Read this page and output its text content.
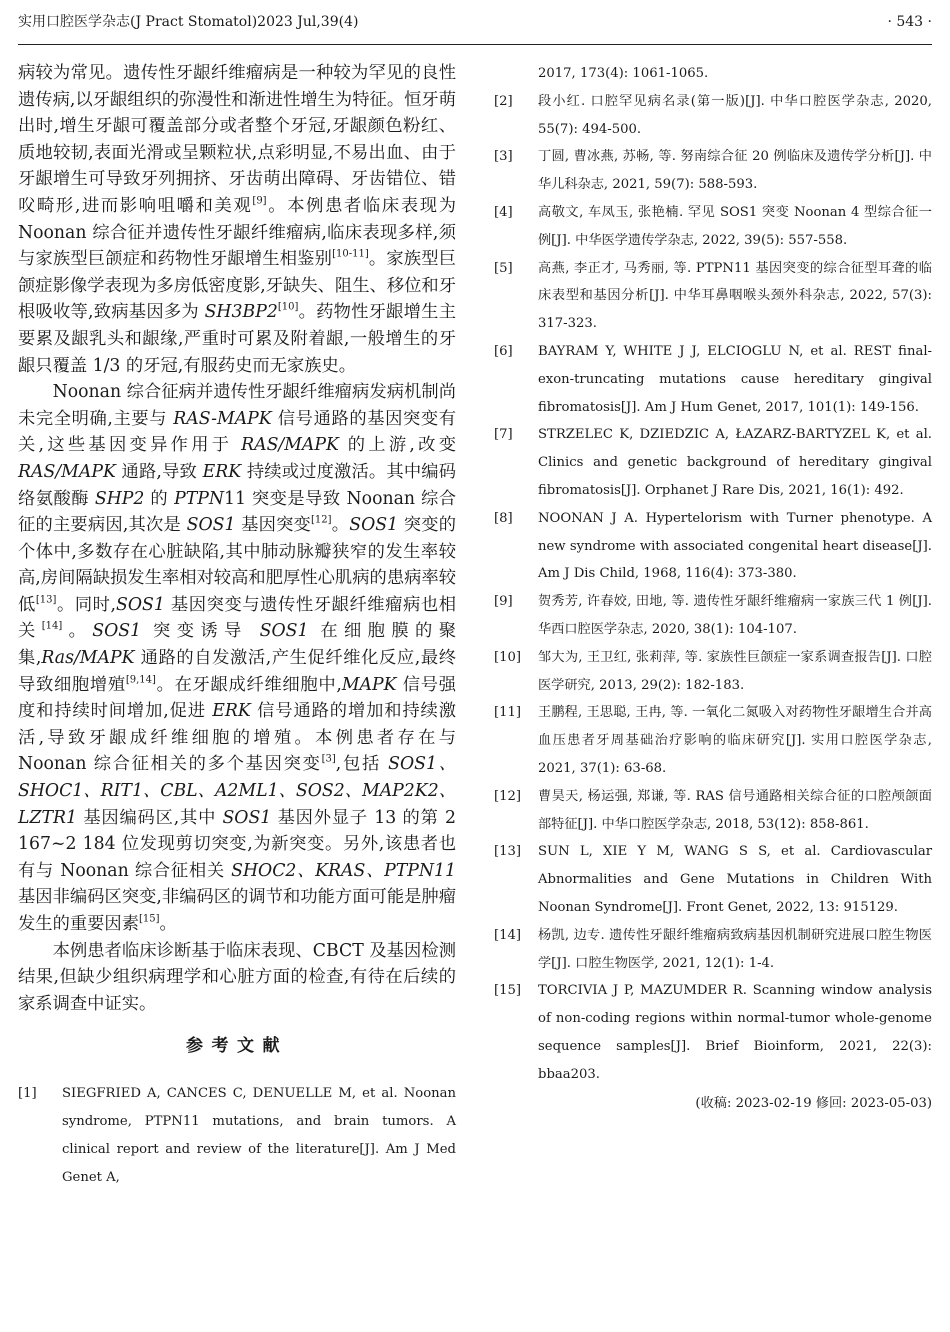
实用口腔医学杂志(J Pract Stomatol)2023 Jul,39(4)	· 543 ·

病较为常见。遗传性牙龈纤维瘤病是一种较为罕见的良性遗传病,以牙龈组织的弥漫性和渐进性增生为特征。恒牙萌出时,增生牙龈可覆盖部分或者整个牙冠,牙龈颜色粉红、质地较韧,表面光滑或呈颗粒状,点彩明显,不易出血、由于牙龈增生可导致牙列拥挤、牙齿萌出障碍、牙齿错位、错㕮畸形,进而影响咀嚼和美观[9]。本例患者临床表现为 Noonan 综合征并遗传性牙龈纤维瘤病,临床表现多样,须与家族型巨颌症和药物性牙龈增生相鉴别[10-11]。家族型巨颌症影像学表现为多房低密度影,牙缺失、阻生、移位和牙根吸收等,致病基因多为 SH3BP2[10]。药物性牙龈增生主要累及龈乳头和龈缘,严重时可累及附着龈,一般增生的牙龈只覆盖 1/3 的牙冠,有服药史而无家族史。

Noonan 综合征病并遗传性牙龈纤维瘤病发病机制尚未完全明确,主要与 RAS-MAPK 信号通路的基因突变有关,这些基因变异作用于 RAS/MAPK 的上游,改变 RAS/MAPK 通路,导致 ERK 持续或过度激活。其中编码络氨酸酶 SHP2 的 PTPN11 突变是导致 Noonan 综合征的主要病因,其次是 SOS1 基因突变[12]。SOS1 突变的个体中,多数存在心脏缺陷,其中肺动脉瓣狭窄的发生率较高,房间隔缺损发生率相对较高和肥厚性心肌病的患病率较低[13]。同时,SOS1 基因突变与遗传性牙龈纤维瘤病也相关[14]。SOS1 突变诱导 SOS1 在细胞膜的聚集,Ras/MAPK 通路的自发激活,产生促纤维化反应,最终导致细胞增殖[9,14]。在牙龈成纤维细胞中,MAPK 信号强度和持续时间增加,促进 ERK 信号通路的增加和持续激活,导致牙龈成纤维细胞的增殖。本例患者存在与 Noonan 综合征相关的多个基因突变[3],包括 SOS1、SHOC1、RIT1、CBL、A2ML1、SOS2、MAP2K2、LZTR1 基因编码区,其中 SOS1 基因外显子 13 的第 2 167~2 184 位发现剪切突变,为新突变。另外,该患者也有与 Noonan 综合征相关 SHOC2、KRAS、PTPN11 基因非编码区突变,非编码区的调节和功能方面可能是肿瘤发生的重要因素[15]。

本例患者临床诊断基于临床表现、CBCT 及基因检测结果,但缺少组织病理学和心脏方面的检查,有待在后续的家系调查中证实。

参考文献
[1]	SIEGFRIED A, CANCES C, DENUELLE M, et al. Noonan syndrome, PTPN11 mutations, and brain tumors. A clinical report and review of the literature[J]. Am J Med Genet A,
2017, 173(4): 1061-1065.
[2]	段小红. 口腔罕见病名录(第一版)[J]. 中华口腔医学杂志, 2020, 55(7): 494-500.
[3]	丁圆, 曹冰燕, 苏畅, 等. 努南综合征 20 例临床及遗传学分析[J]. 中华儿科杂志, 2021, 59(7): 588-593.
[4]	高敬文, 车凤玉, 张艳楠. 罕见 SOS1 突变 Noonan 4 型综合征一例[J]. 中华医学遗传学杂志, 2022, 39(5): 557-558.
[5]	高燕, 李正才, 马秀丽, 等. PTPN11 基因突变的综合征型耳聋的临床表型和基因分析[J]. 中华耳鼻咽喉头颈外科杂志, 2022, 57(3): 317-323.
[6]	BAYRAM Y, WHITE J J, ELCIOGLU N, et al. REST final-exon-truncating mutations cause hereditary gingival fibromatosis[J]. Am J Hum Genet, 2017, 101(1): 149-156.
[7]	STRZELEC K, DZIEDZIC A, ŁAZARZ-BARTYZEL K, et al. Clinics and genetic background of hereditary gingival fibromatosis[J]. Orphanet J Rare Dis, 2021, 16(1): 492.
[8]	NOONAN J A. Hypertelorism with Turner phenotype. A new syndrome with associated congenital heart disease[J]. Am J Dis Child, 1968, 116(4): 373-380.
[9]	贺秀芳, 许春姣, 田地, 等. 遗传性牙龈纤维瘤病一家族三代 1 例[J]. 华西口腔医学杂志, 2020, 38(1): 104-107.
[10]	邹大为, 王卫红, 张莉萍, 等. 家族性巨颌症一家系调查报告[J]. 口腔医学研究, 2013, 29(2): 182-183.
[11]	王鹏程, 王思聪, 王冉, 等. 一氧化二氮吸入对药物性牙龈增生合并高血压患者牙周基础治疗影响的临床研究[J]. 实用口腔医学杂志, 2021, 37(1): 63-68.
[12]	曹昊天, 杨运强, 郑谦, 等. RAS 信号通路相关综合征的口腔颅颌面部特征[J]. 中华口腔医学杂志, 2018, 53(12): 858-861.
[13]	SUN L, XIE Y M, WANG S S, et al. Cardiovascular Abnormalities and Gene Mutations in Children With Noonan Syndrome[J]. Front Genet, 2022, 13: 915129.
[14]	杨凯, 边专. 遗传性牙龈纤维瘤病致病基因机制研究进展口腔生物医学[J]. 口腔生物医学, 2021, 12(1): 1-4.
[15]	TORCIVIA J P, MAZUMDER R. Scanning window analysis of non-coding regions within normal-tumor whole-genome sequence samples[J]. Brief Bioinform, 2021, 22(3): bbaa203.
(收稿: 2023-02-19 修回: 2023-05-03)
